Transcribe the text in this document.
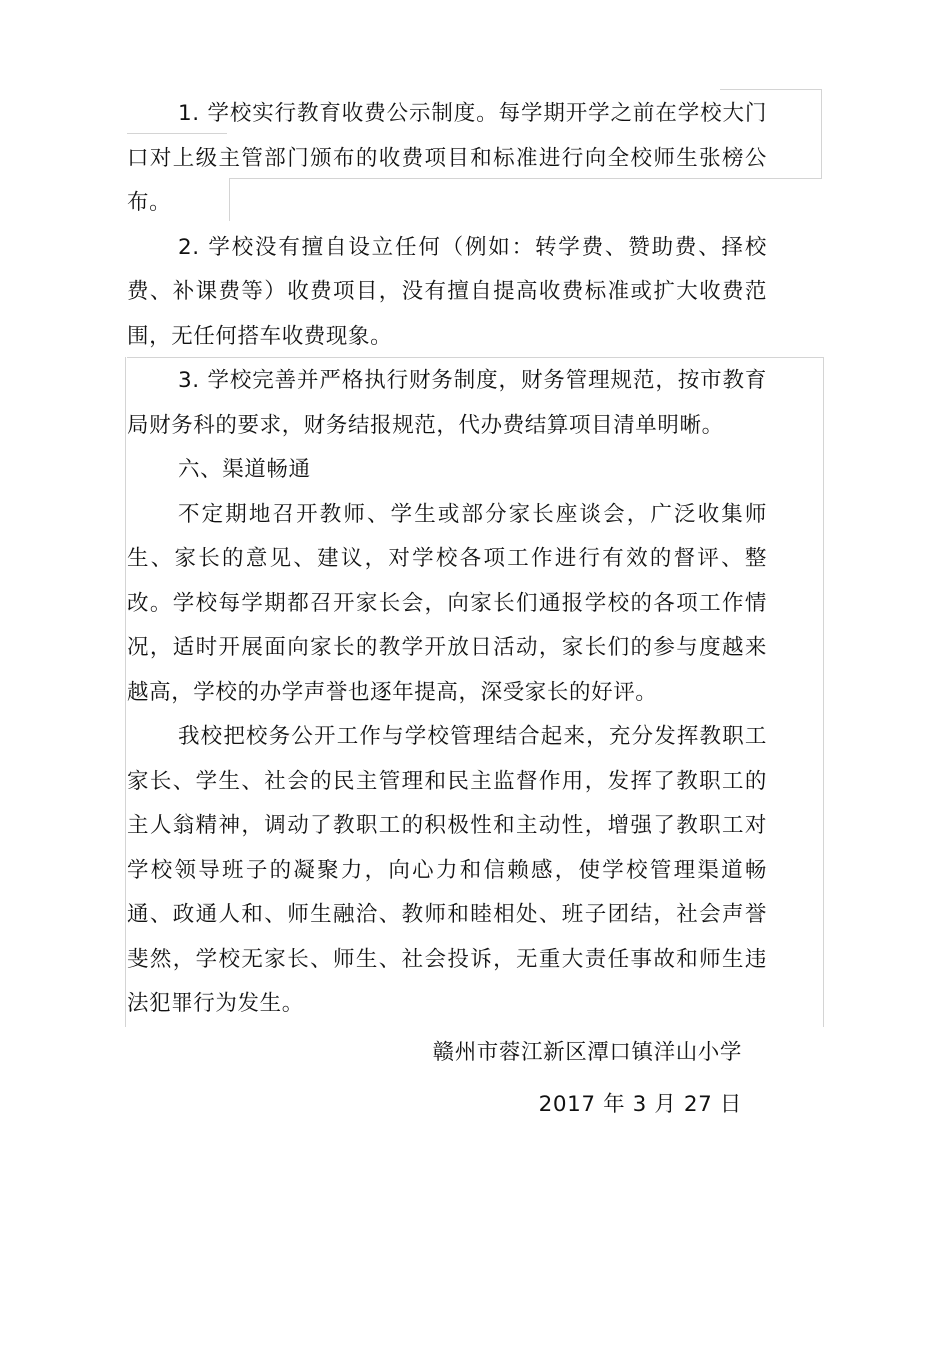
1. 学校实行教育收费公示制度。每学期开学之前在学校大门口对上级主管部门颁布的收费项目和标准进行向全校师生张榜公布。

2. 学校没有擅自设立任何（例如：转学费、赞助费、择校费、补课费等）收费项目，没有擅自提高收费标准或扩大收费范围，无任何搭车收费现象。

3. 学校完善并严格执行财务制度，财务管理规范，按市教育局财务科的要求，财务结报规范，代办费结算项目清单明晰。

六、渠道畅通

不定期地召开教师、学生或部分家长座谈会，广泛收集师生、家长的意见、建议，对学校各项工作进行有效的督评、整改。学校每学期都召开家长会，向家长们通报学校的各项工作情况，适时开展面向家长的教学开放日活动，家长们的参与度越来越高，学校的办学声誉也逐年提高，深受家长的好评。

我校把校务公开工作与学校管理结合起来，充分发挥教职工家长、学生、社会的民主管理和民主监督作用，发挥了教职工的主人翁精神，调动了教职工的积极性和主动性，增强了教职工对学校领导班子的凝聚力，向心力和信赖感，使学校管理渠道畅通、政通人和、师生融洽、教师和睦相处、班子团结，社会声誉斐然，学校无家长、师生、社会投诉，无重大责任事故和师生违法犯罪行为发生。

赣州市蓉江新区潭口镇洋山小学
2017 年 3 月 27 日
